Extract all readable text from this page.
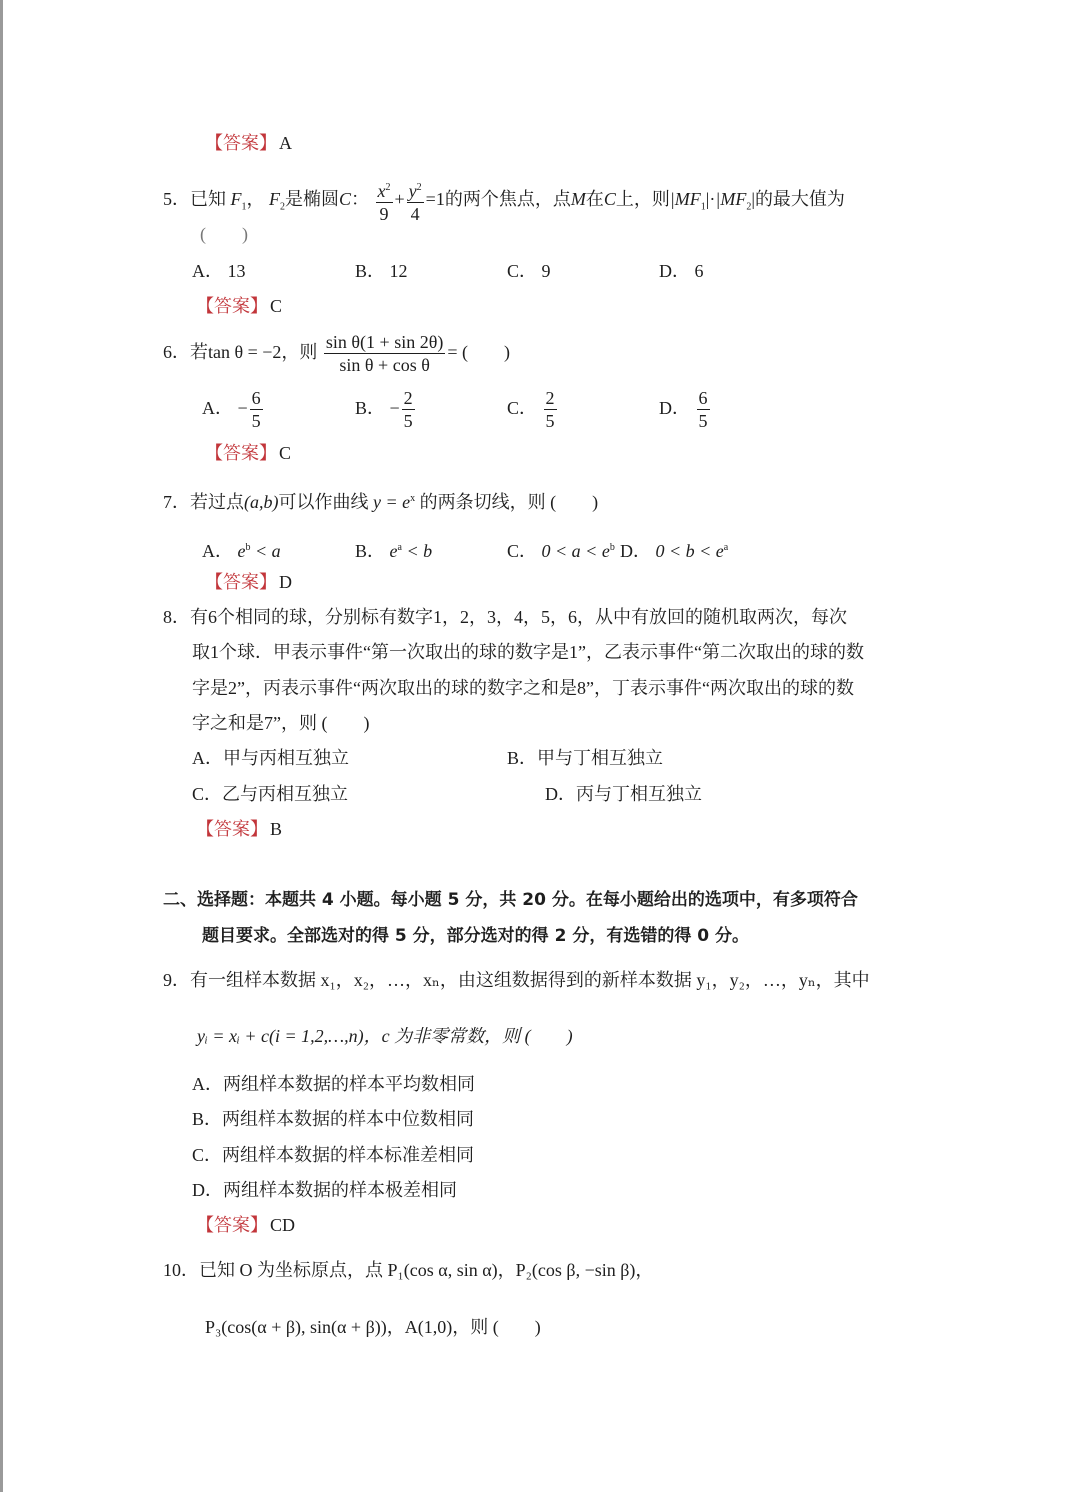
【答案】 A
5．已知 $F_1$， $F_2$是椭圆C： $\frac{x^2}{9} + \frac{y^2}{4} =1$的两个焦点，点M在C上，则$|MF_1|\cdot|MF_2|$的最大值为
(　　)
A． 13	B． 12	C． 9	D． 6
【答案】 C
6．若tan θ = −2，则 $\frac{\text{sin θ(1 + sin 2θ)}}{\text{sin θ + cos θ}}$ = (　　)
A． − $\frac{6}{5}$	B． − $\frac{2}{5}$	C． $\frac{2}{5}$	D． $\frac{6}{5}$
【答案】 C
7．若过点(a,b)可以作曲线 $y = e^x$ 的两条切线，则 (　　)
A． $e^b < a$	B． $e^a < b$	C． $0 < a < e^b$ D． $0 < b < e^a$
【答案】 D
8．有6个相同的球，分别标有数字1，2，3，4，5，6，从中有放回的随机取两次，每次
取1个球．甲表示事件“第一次取出的球的数字是1”，乙表示事件“第二次取出的球的数
字是2”，丙表示事件“两次取出的球的数字之和是8”，丁表示事件“两次取出的球的数
字之和是7”，则 (　　)
A．甲与丙相互独立	B．甲与丁相互独立
C．乙与丙相互独立	D．丙与丁相互独立
【答案】 B
二、选择题：本题共 4 小题。每小题 5 分，共 20 分。在每小题给出的选项中，有多项符合
题目要求。全部选对的得 5 分，部分选对的得 2 分，有选错的得 0 分。
9．有一组样本数据 x₁，x₂，…，xₙ，由这组数据得到的新样本数据 y₁，y₂，…，yₙ，其中
yᵢ = xᵢ + c(i = 1,2,…,n)，c 为非零常数，则 (　　)
A．两组样本数据的样本平均数相同
B．两组样本数据的样本中位数相同
C．两组样本数据的样本标准差相同
D．两组样本数据的样本极差相同
【答案】 CD
10．已知 O 为坐标原点，点 P₁(cos α, sin α)，P₂(cos β, −sin β)，
P₃(cos(α + β), sin(α + β))，A(1,0)，则 (　　)
